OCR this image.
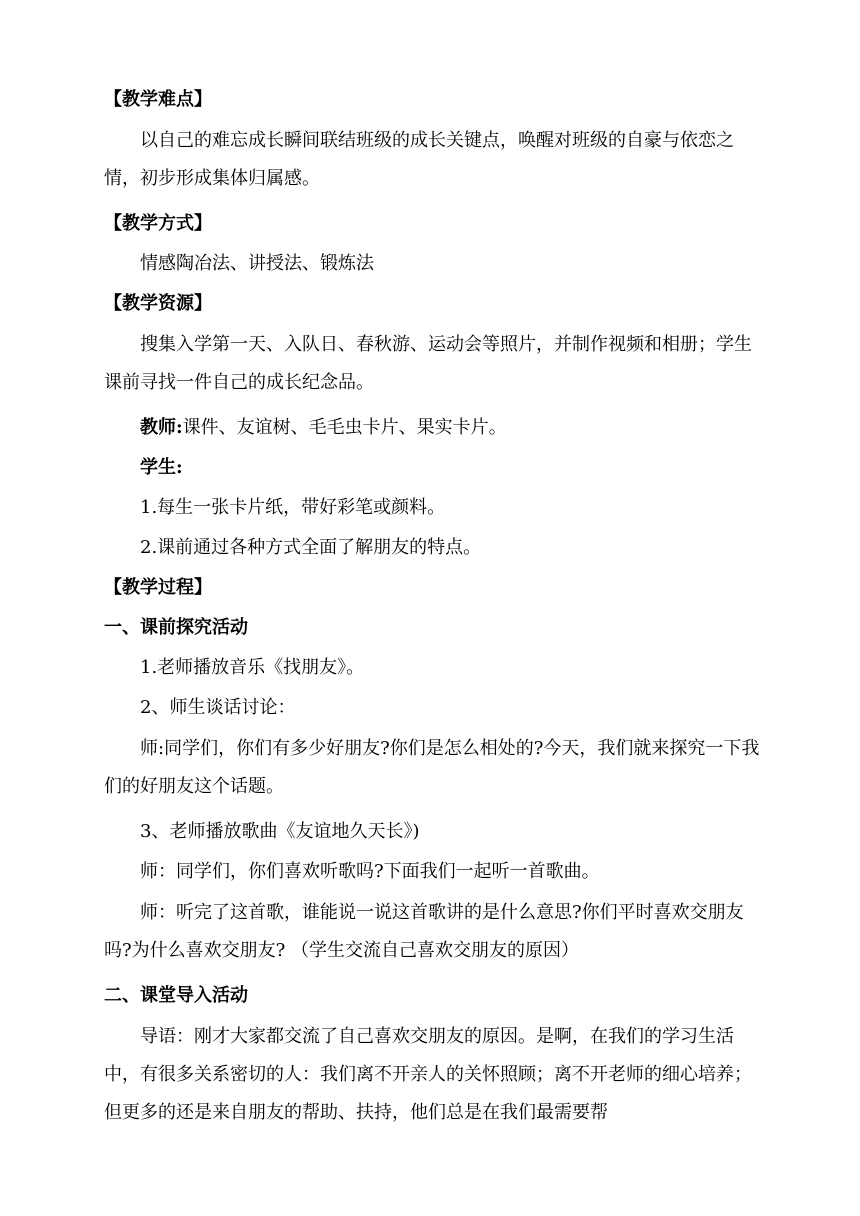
【教学难点】

以自己的难忘成长瞬间联结班级的成长关键点，唤醒对班级的自豪与依恋之情，初步形成集体归属感。

【教学方式】

情感陶冶法、讲授法、锻炼法

【教学资源】

搜集入学第一天、入队日、春秋游、运动会等照片，并制作视频和相册；学生课前寻找一件自己的成长纪念品。

教师:课件、友谊树、毛毛虫卡片、果实卡片。

学生:

1.每生一张卡片纸，带好彩笔或颜料。

2.课前通过各种方式全面了解朋友的特点。

【教学过程】

一、课前探究活动

1.老师播放音乐《找朋友》。

2、师生谈话讨论：

师:同学们，你们有多少好朋友?你们是怎么相处的?今天，我们就来探究一下我们的好朋友这个话题。

3、老师播放歌曲《友谊地久天长》)

师：同学们，你们喜欢听歌吗?下面我们一起听一首歌曲。

师：听完了这首歌，谁能说一说这首歌讲的是什么意思?你们平时喜欢交朋友吗?为什么喜欢交朋友? （学生交流自己喜欢交朋友的原因）

二、课堂导入活动

导语：刚才大家都交流了自己喜欢交朋友的原因。是啊，在我们的学习生活中，有很多关系密切的人：我们离不开亲人的关怀照顾；离不开老师的细心培养；但更多的还是来自朋友的帮助、扶持，他们总是在我们最需要帮
